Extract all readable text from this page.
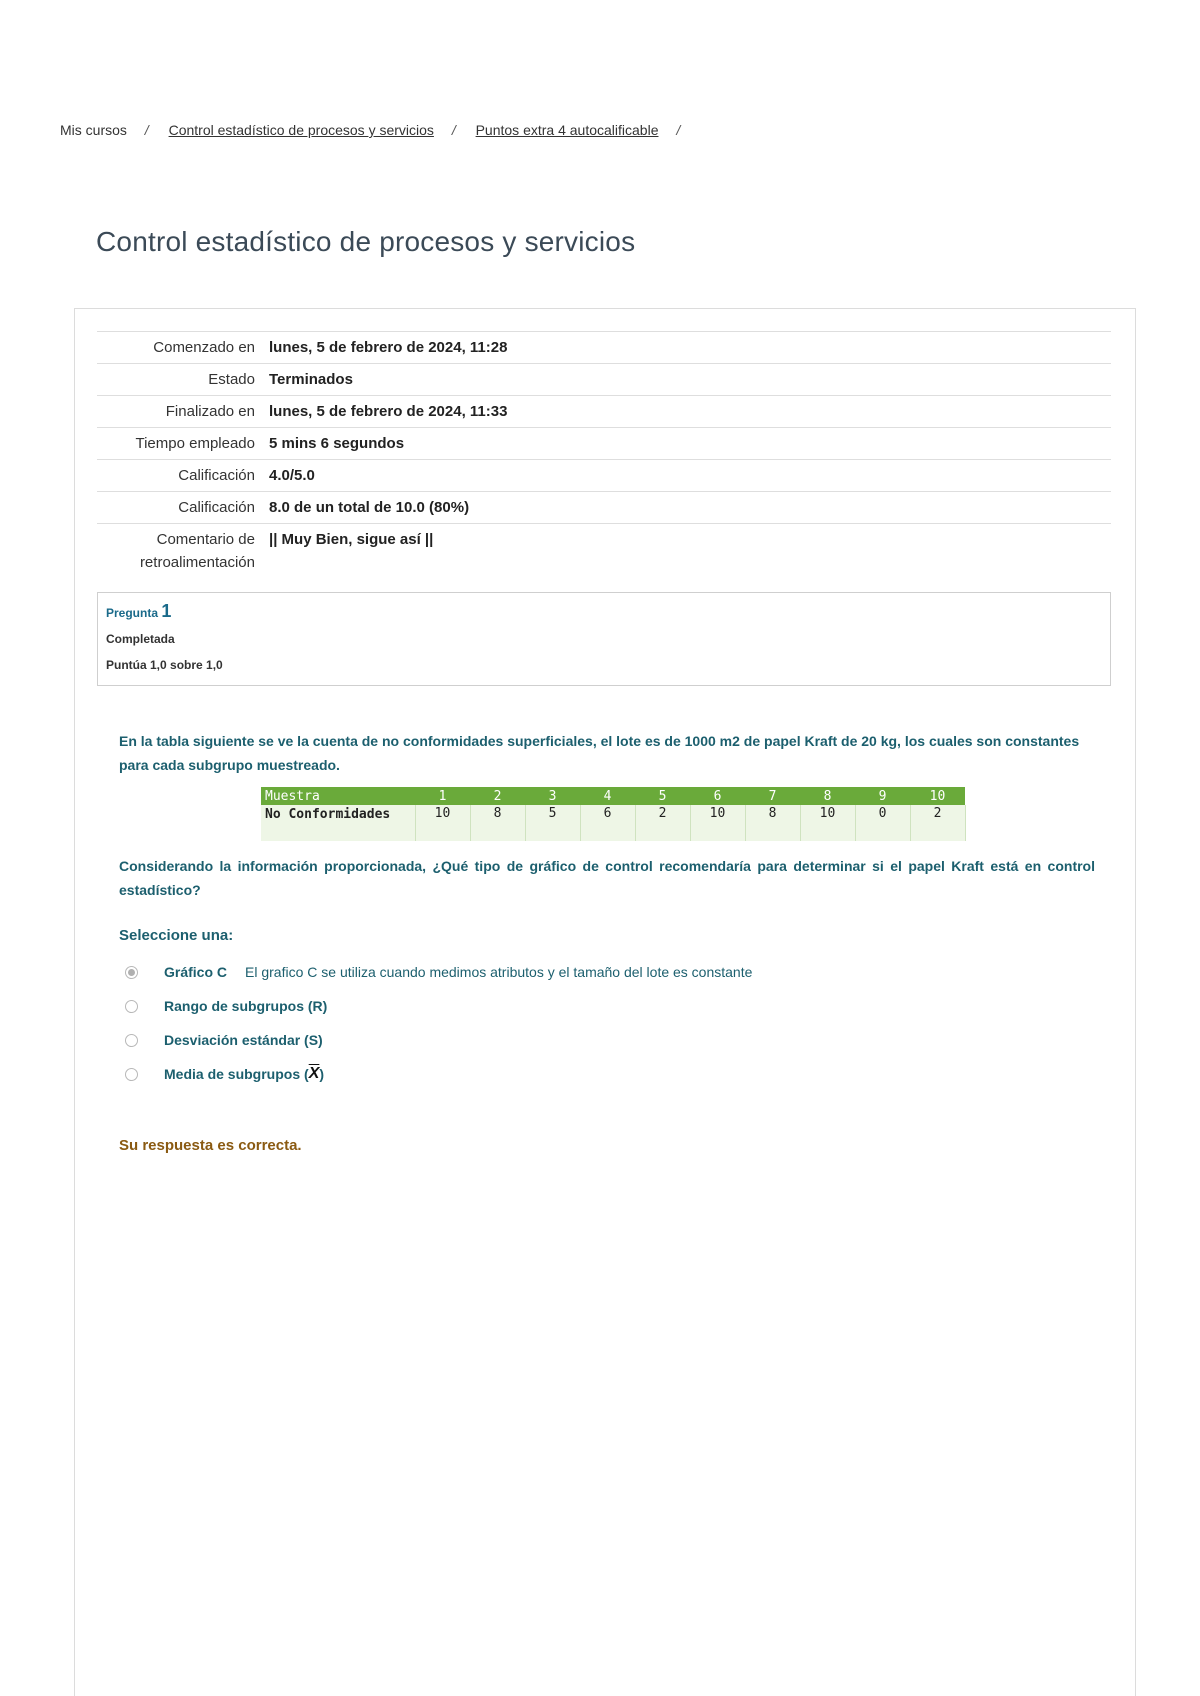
Mis cursos / Control estadístico de procesos y servicios / Puntos extra 4 autocalificable /
Control estadístico de procesos y servicios
Comenzado en	lunes, 5 de febrero de 2024, 11:28
Estado	Terminados
Finalizado en	lunes, 5 de febrero de 2024, 11:33
Tiempo empleado	5 mins 6 segundos
Calificación	4.0/5.0
Calificación	8.0 de un total de 10.0 (80%)
Comentario de retroalimentación	|| Muy Bien, sigue así ||
Pregunta 1
Completada
Puntúa 1,0 sobre 1,0

En la tabla siguiente se ve la cuenta de no conformidades superficiales, el lote es de 1000 m2 de papel Kraft de 20 kg, los cuales son constantes para cada subgrupo muestreado.

Muestra	1	2	3	4	5	6	7	8	9	10
No Conformidades	10	8	5	6	2	10	8	10	0	2

Considerando la información proporcionada, ¿Qué tipo de gráfico de control recomendaría para determinar si el papel Kraft está en control estadístico?

Seleccione una:
Gráfico C El grafico C se utiliza cuando medimos atributos y el tamaño del lote es constante
Rango de subgrupos (R)
Desviación estándar (S)
Media de subgrupos ( $\overline{X}$ )
Su respuesta es correcta.
